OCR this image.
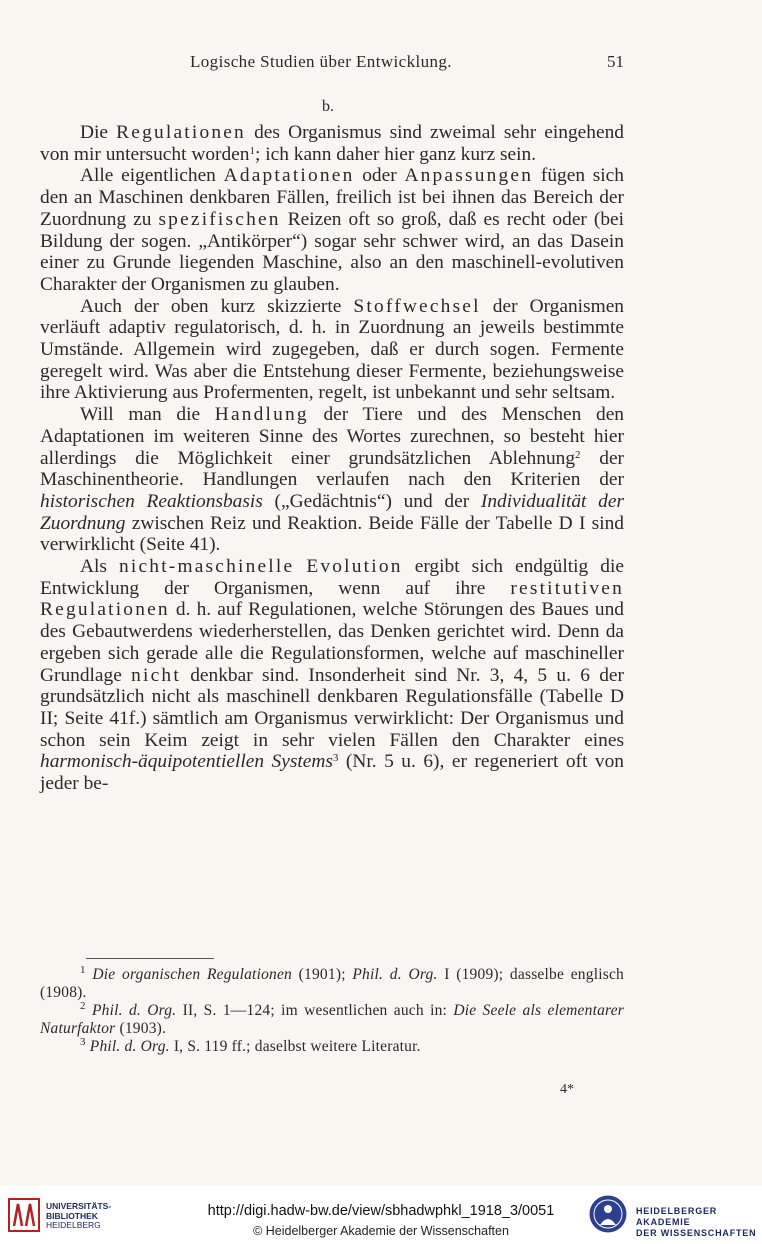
Logische Studien über Entwicklung.	51
b.

Die Regulationen des Organismus sind zweimal sehr eingehend von mir untersucht worden$^1$; ich kann daher hier ganz kurz sein.

Alle eigentlichen Adaptationen oder Anpassungen fügen sich den an Maschinen denkbaren Fällen, freilich ist bei ihnen das Bereich der Zuordnung zu spezifischen Reizen oft so groß, daß es recht oder (bei Bildung der sogen. „Antikörper“) sogar sehr schwer wird, an das Dasein einer zu Grunde liegenden Maschine, also an den maschinell-evolutiven Charakter der Organismen zu glauben.

Auch der oben kurz skizzierte Stoffwechsel der Organismen verläuft adaptiv regulatorisch, d. h. in Zuordnung an jeweils bestimmte Umstände. Allgemein wird zugegeben, daß er durch sogen. Fermente geregelt wird. Was aber die Entstehung dieser Fermente, beziehungsweise ihre Aktivierung aus Profermenten, regelt, ist unbekannt und sehr seltsam.

Will man die Handlung der Tiere und des Menschen den Adaptationen im weiteren Sinne des Wortes zurechnen, so besteht hier allerdings die Möglichkeit einer grundsätzlichen Ablehnung$^2$ der Maschinentheorie. Handlungen verlaufen nach den Kriterien der historischen Reaktionsbasis („Gedächtnis“) und der Individualität der Zuordnung zwischen Reiz und Reaktion. Beide Fälle der Tabelle D I sind verwirklicht (Seite 41).

Als nicht-maschinelle Evolution ergibt sich endgültig die Entwicklung der Organismen, wenn auf ihre restitutiven Regulationen d. h. auf Regulationen, welche Störungen des Baues und des Gebautwerdens wiederherstellen, das Denken gerichtet wird. Denn da ergeben sich gerade alle die Regulationsformen, welche auf maschineller Grundlage nicht denkbar sind. Insonderheit sind Nr. 3, 4, 5 u. 6 der grundsätzlich nicht als maschinell denkbaren Regulationsfälle (Tabelle D II; Seite 41f.) sämtlich am Organismus verwirklicht: Der Organismus und schon sein Keim zeigt in sehr vielen Fällen den Charakter eines harmonisch-äquipotentiellen Systems$^3$ (Nr. 5 u. 6), er regeneriert oft von jeder be-

$^1$ Die organischen Regulationen (1901); Phil. d. Org. I (1909); dasselbe englisch (1908).

$^2$ Phil. d. Org. II, S. 1—124; im wesentlichen auch in: Die Seele als elementarer Naturfaktor (1903).

$^3$ Phil. d. Org. I, S. 119 ff.; daselbst weitere Literatur.

4*
UNIVERSITÄTS-
BIBLIOTHEK
HEIDELBERG
http://digi.hadw-bw.de/view/sbhadwphkl_1918_3/0051
© Heidelberger Akademie der Wissenschaften
HEIDELBERGER AKADEMIE
DER WISSENSCHAFTEN
